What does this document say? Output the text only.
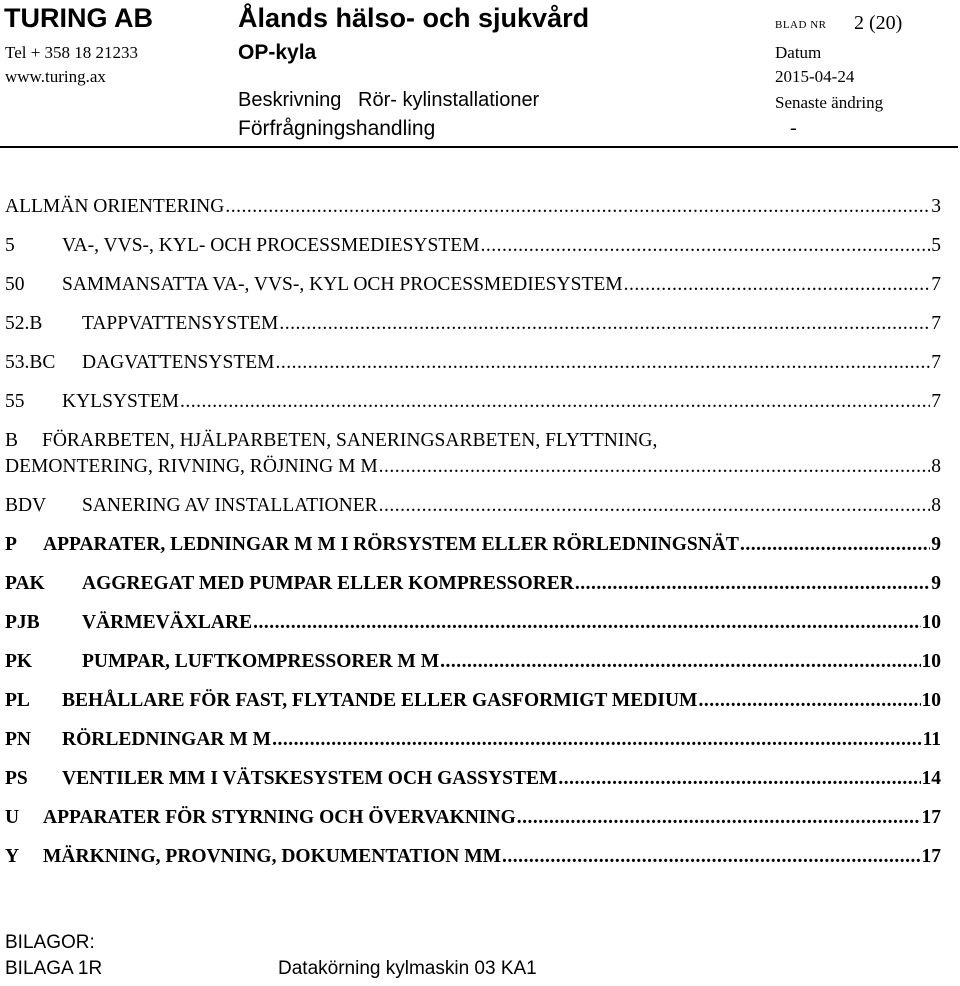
TURING AB
Tel + 358 18 21233
www.turing.ax
Ålands hälso- och sjukvård
OP-kyla
Beskrivning   Rör- kylinstallationer
Förfrågningshandling
BLAD NR 2 (20)
Datum
2015-04-24
Senaste ändring
-
ALLMÄN ORIENTERING .....	3
5	VA-, VVS-, KYL- OCH PROCESSMEDIESYSTEM .....	5
50	SAMMANSATTA VA-, VVS-, KYL OCH PROCESSMEDIESYSTEM .....	7
52.B	TAPPVATTENSYSTEM .....	7
53.BC	DAGVATTENSYSTEM .....	7
55	KYLSYSTEM .....	7
B FÖRARBETEN, HJÄLPARBETEN, SANERINGSARBETEN, FLYTTNING,
DEMONTERING, RIVNING, RÖJNING M M .....	8
BDV	SANERING AV INSTALLATIONER .....	8
P	APPARATER, LEDNINGAR M M I RÖRSYSTEM ELLER RÖRLEDNINGSNÄT .....	9
PAK	AGGREGAT MED PUMPAR ELLER KOMPRESSORER .....	9
PJB	VÄRMEVÄXLARE .....	10
PK	PUMPAR, LUFTKOMPRESSORER M M .....	10
PL	BEHÅLLARE FÖR FAST, FLYTANDE ELLER GASFORMIGT MEDIUM .....	10
PN	RÖRLEDNINGAR M M .....	11
PS	VENTILER MM I VÄTSKESYSTEM OCH GASSYSTEM .....	14
U	APPARATER FÖR STYRNING OCH ÖVERVAKNING .....	17
Y	MÄRKNING, PROVNING, DOKUMENTATION MM .....	17
BILAGOR:
BILAGA 1R	Datakörning kylmaskin 03 KA1
